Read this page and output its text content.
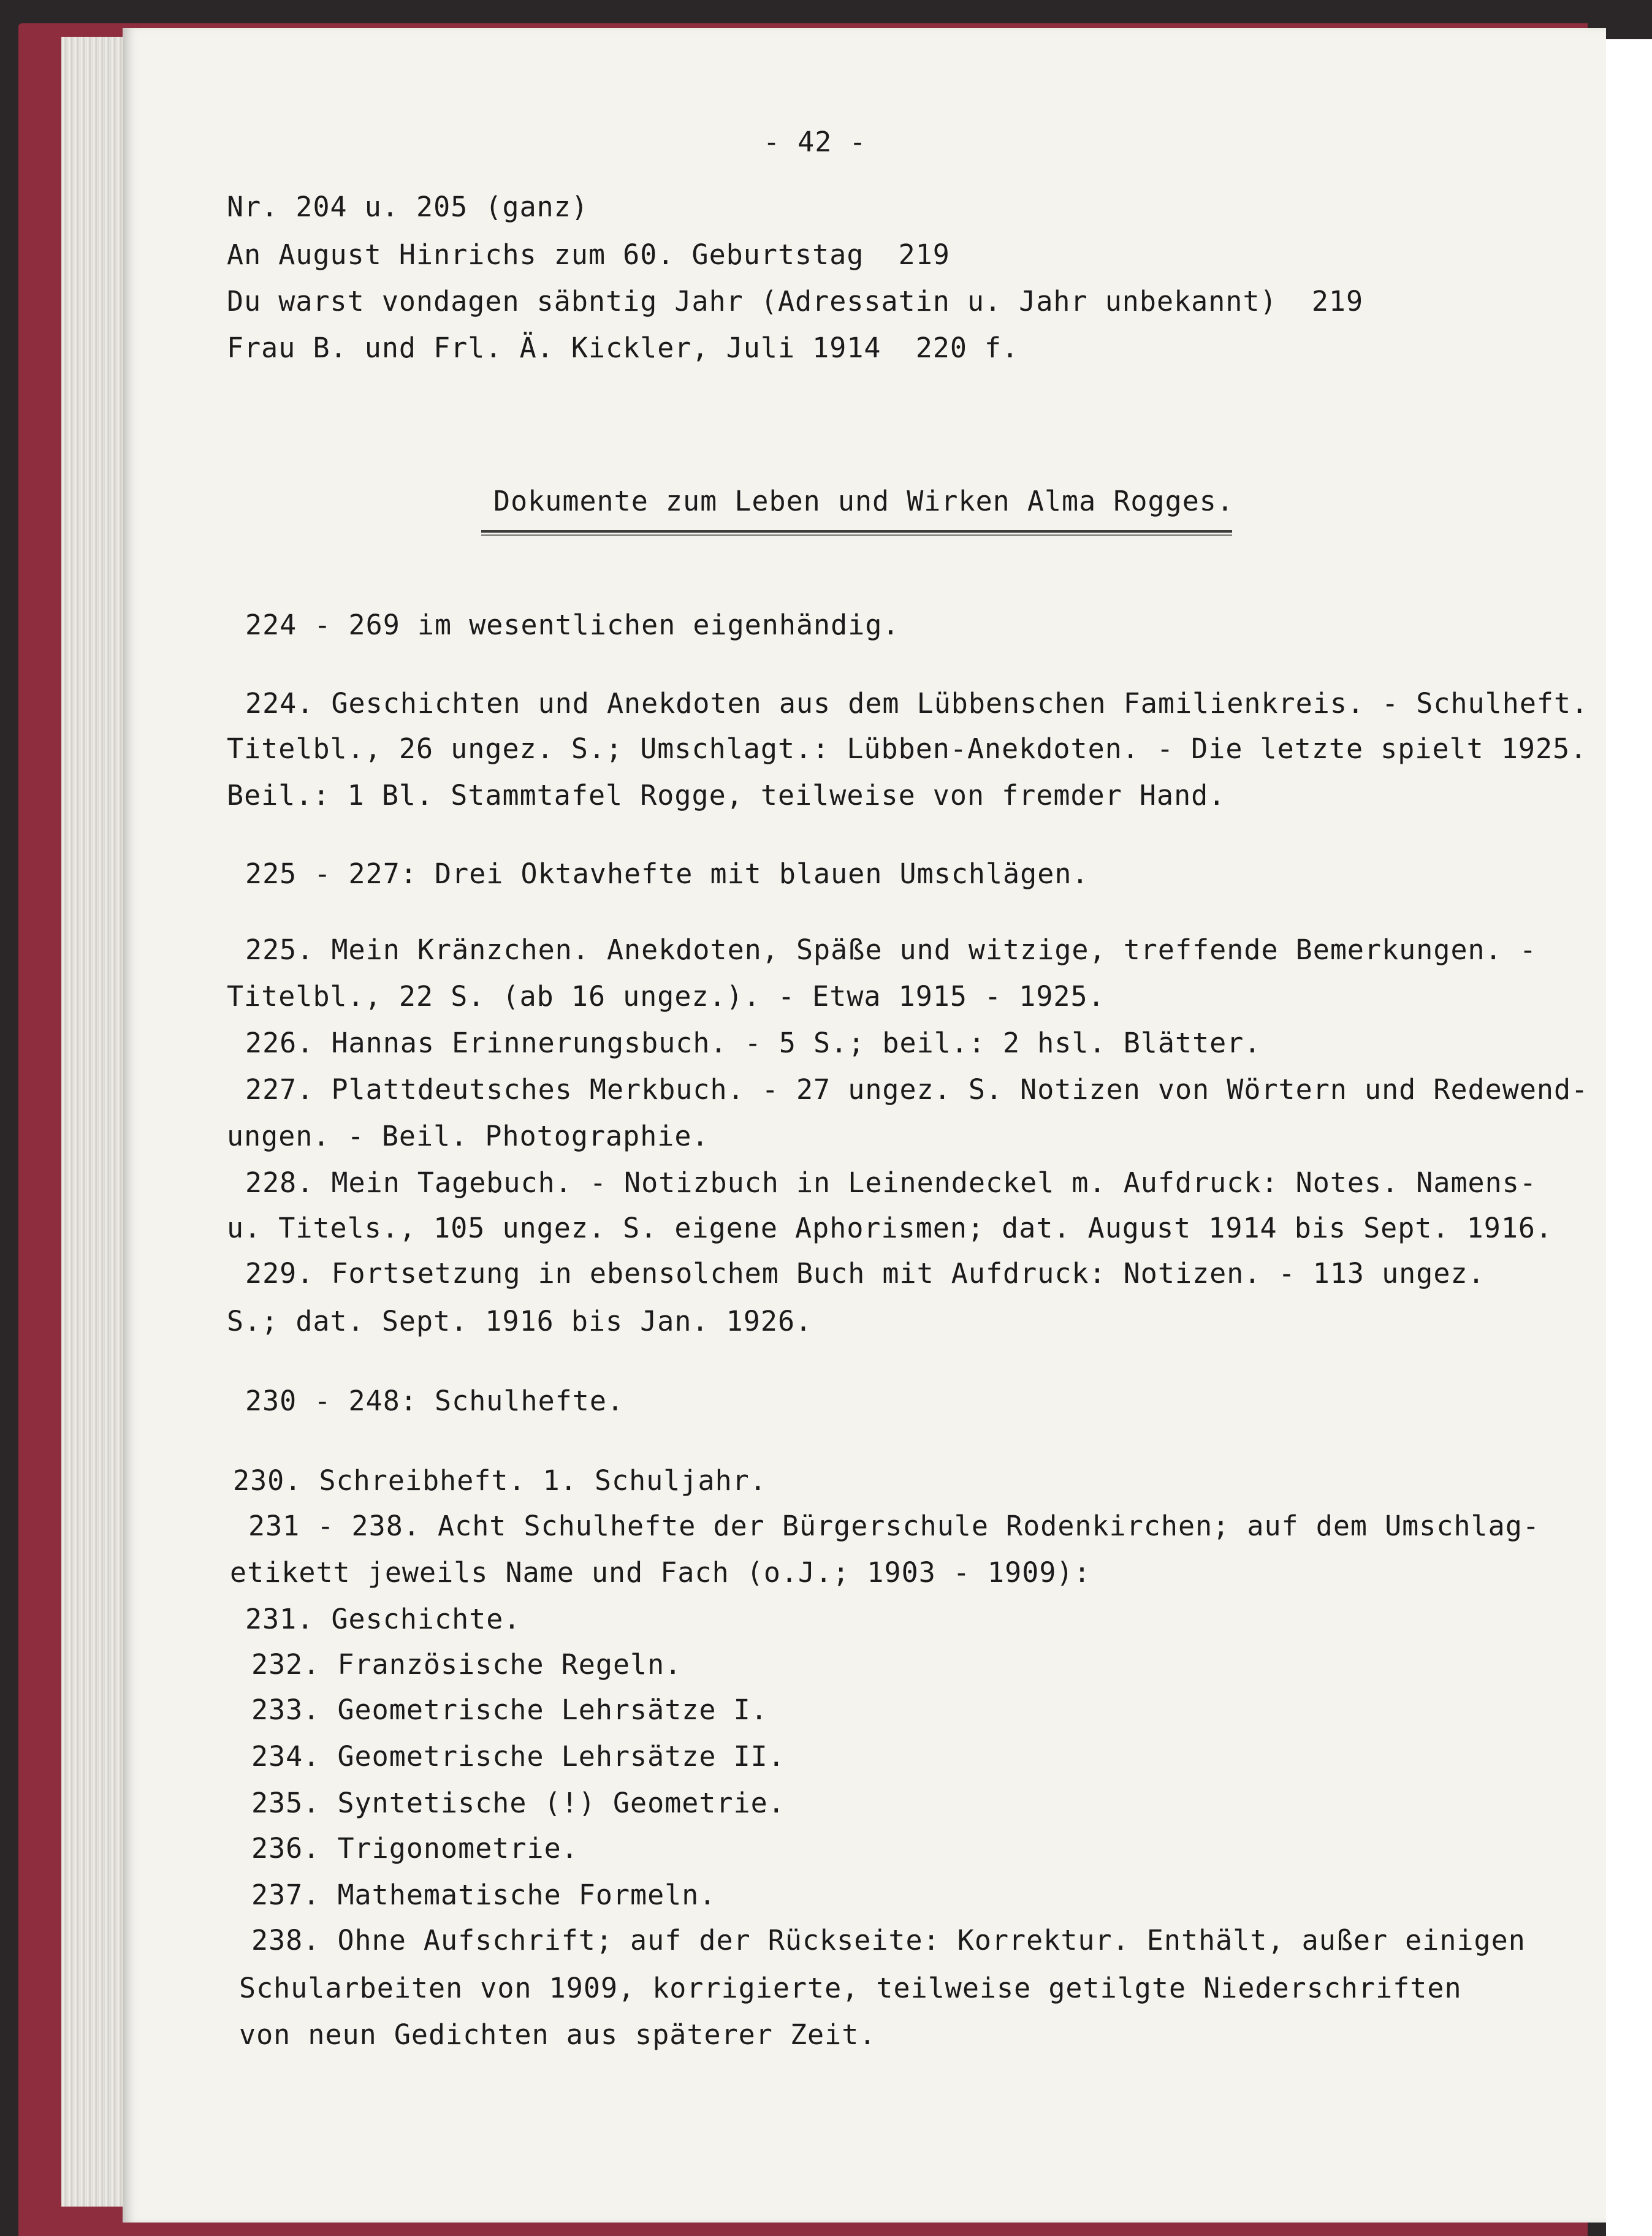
- 42 -
Nr. 204 u. 205 (ganz)
An August Hinrichs zum 60. Geburtstag  219
Du warst vondagen säbntig Jahr (Adressatin u. Jahr unbekannt)  219
Frau B. und Frl. Ä. Kickler, Juli 1914  220 f.
Dokumente zum Leben und Wirken Alma Rogges.
224 - 269 im wesentlichen eigenhändig.
224. Geschichten und Anekdoten aus dem Lübbenschen Familienkreis. - Schulheft.
Titelbl., 26 ungez. S.; Umschlagt.: Lübben-Anekdoten. - Die letzte spielt 1925.
Beil.: 1 Bl. Stammtafel Rogge, teilweise von fremder Hand.
225 - 227: Drei Oktavhefte mit blauen Umschlägen.
225. Mein Kränzchen. Anekdoten, Späße und witzige, treffende Bemerkungen. -
Titelbl., 22 S. (ab 16 ungez.). - Etwa 1915 - 1925.
226. Hannas Erinnerungsbuch. - 5 S.; beil.: 2 hsl. Blätter.
227. Plattdeutsches Merkbuch. - 27 ungez. S. Notizen von Wörtern und Redewend-
ungen. - Beil. Photographie.
228. Mein Tagebuch. - Notizbuch in Leinendeckel m. Aufdruck: Notes. Namens-
u. Titels., 105 ungez. S. eigene Aphorismen; dat. August 1914 bis Sept. 1916.
229. Fortsetzung in ebensolchem Buch mit Aufdruck: Notizen. - 113 ungez.
S.; dat. Sept. 1916 bis Jan. 1926.
230 - 248: Schulhefte.
230. Schreibheft. 1. Schuljahr.
231 - 238. Acht Schulhefte der Bürgerschule Rodenkirchen; auf dem Umschlag-
etikett jeweils Name und Fach (o.J.; 1903 - 1909):
231. Geschichte.
232. Französische Regeln.
233. Geometrische Lehrsätze I.
234. Geometrische Lehrsätze II.
235. Syntetische (!) Geometrie.
236. Trigonometrie.
237. Mathematische Formeln.
238. Ohne Aufschrift; auf der Rückseite: Korrektur. Enthält, außer einigen
Schularbeiten von 1909, korrigierte, teilweise getilgte Niederschriften
von neun Gedichten aus späterer Zeit.
